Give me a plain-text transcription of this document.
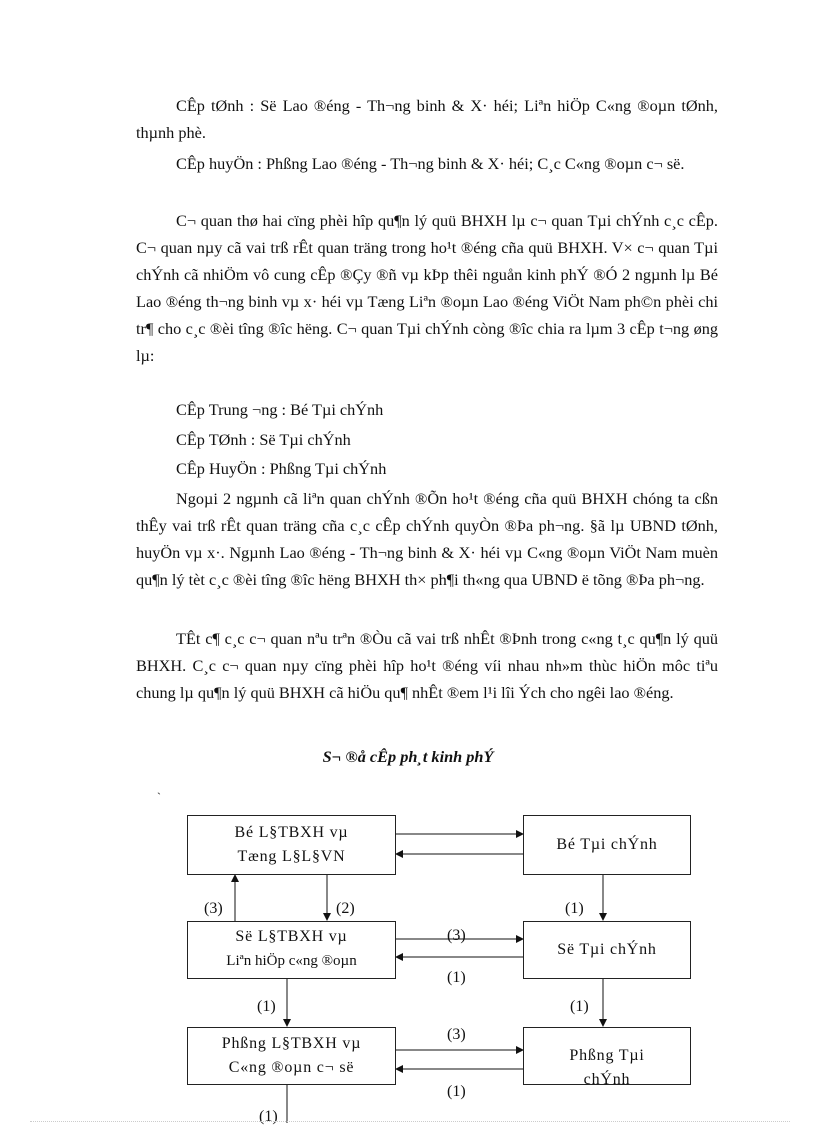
CÊp tØnh : Së Lao ®éng - Th¬ng binh & X· héi; Liªn hiÖp C«ng ®oµn tØnh, thµnh phè.

CÊp huyÖn : Phßng Lao ®éng - Th¬ng binh & X· héi; C¸c C«ng ®oµn c¬ së.

C¬ quan thø hai cïng phèi hîp qu¶n lý quü BHXH lµ c¬ quan Tµi chÝnh c¸c cÊp. C¬ quan nµy cã vai trß rÊt quan träng trong ho¹t ®éng cña quü BHXH. V× c¬ quan Tµi chÝnh cã nhiÖm vô cung cÊp ®Çy ®ñ vµ kÞp thêi nguån kinh phÝ ®Ó 2 ngµnh lµ Bé Lao ®éng th¬ng binh vµ x· héi vµ Tæng Liªn ®oµn Lao ®éng ViÖt Nam ph©n phèi chi tr¶ cho c¸c ®èi tîng ®îc hëng. C¬ quan Tµi chÝnh còng ®îc chia ra lµm 3 cÊp t¬ng øng lµ:

CÊp Trung ¬ng : Bé Tµi chÝnh

CÊp TØnh : Së Tµi chÝnh

CÊp HuyÖn : Phßng Tµi chÝnh

Ngoµi 2 ngµnh cã liªn quan chÝnh ®Õn ho¹t ®éng cña quü BHXH chóng ta cßn thÊy vai trß rÊt quan träng cña c¸c cÊp chÝnh quyÒn ®Þa ph¬ng. §ã lµ UBND tØnh, huyÖn vµ x·. Ngµnh Lao ®éng - Th¬ng binh & X· héi vµ C«ng ®oµn ViÖt Nam muèn qu¶n lý tèt c¸c ®èi tîng ®îc hëng BHXH th× ph¶i th«ng qua UBND ë tõng ®Þa ph¬ng.

TÊt c¶ c¸c c¬ quan nªu trªn ®Òu cã vai trß nhÊt ®Þnh trong c«ng t¸c qu¶n lý quü BHXH. C¸c c¬ quan nµy cïng phèi hîp ho¹t ®éng víi nhau nh»m thùc hiÖn môc tiªu chung lµ qu¶n lý quü BHXH cã hiÖu qu¶ nhÊt ®em l¹i lîi Ých cho ngêi lao ®éng.

S¬ ®å cÊp ph¸t kinh phÝ

`
Bé L§TBXH vµ
Tæng L§L§VN
Bé Tµi chÝnh
Së L§TBXH vµ
Liªn hiÖp c«ng ®oµn
Së Tµi chÝnh
Phßng L§TBXH vµ
C«ng ®oµn c¬ së
Phßng Tµi
chÝnh
(3)	(2)	(1)
(3)
(1)
(1)	(1)
(3)
(1)
(1)
